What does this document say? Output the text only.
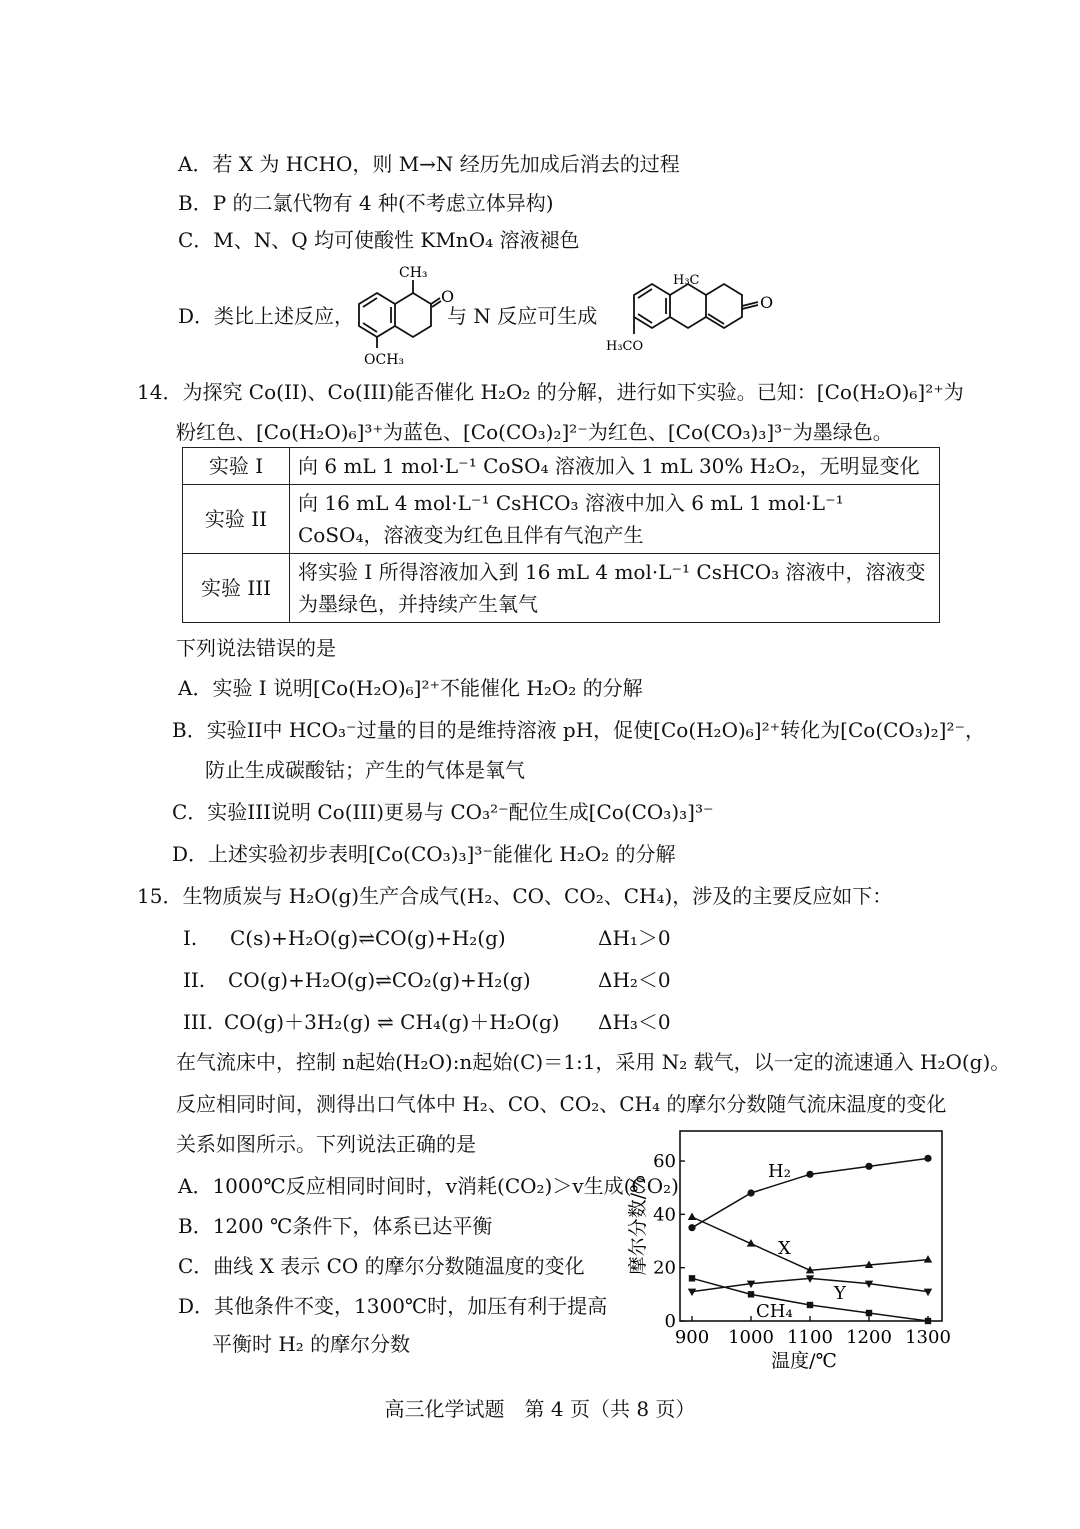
A．若 X 为 HCHO，则 M→N 经历先加成后消去的过程
B．P 的二氯代物有 4 种(不考虑立体异构)
C．M、N、Q 均可使酸性 KMnO₄ 溶液褪色
D．类比上述反应，	与 N 反应可生成
CH₃
O
OCH₃
H₃C
O
H₃CO
14．为探究 Co(II)、Co(III)能否催化 H₂O₂ 的分解，进行如下实验。已知：[Co(H₂O)₆]²⁺为
粉红色、[Co(H₂O)₆]³⁺为蓝色、[Co(CO₃)₂]²⁻为红色、[Co(CO₃)₃]³⁻为墨绿色。
实验 I	向 6 mL 1 mol·L⁻¹ CoSO₄ 溶液加入 1 mL 30% H₂O₂，无明显变化
实验 II	向 16 mL 4 mol·L⁻¹ CsHCO₃ 溶液中加入 6 mL 1 mol·L⁻¹ CoSO₄，溶液变为红色且伴有气泡产生
实验 III	将实验 I 所得溶液加入到 16 mL 4 mol·L⁻¹ CsHCO₃ 溶液中，溶液变为墨绿色，并持续产生氧气
下列说法错误的是
A．实验 I 说明[Co(H₂O)₆]²⁺不能催化 H₂O₂ 的分解
B．实验II中 HCO₃⁻过量的目的是维持溶液 pH，促使[Co(H₂O)₆]²⁺转化为[Co(CO₃)₂]²⁻，
防止生成碳酸钴；产生的气体是氧气
C．实验III说明 Co(III)更易与 CO₃²⁻配位生成[Co(CO₃)₃]³⁻
D．上述实验初步表明[Co(CO₃)₃]³⁻能催化 H₂O₂ 的分解
15．生物质炭与 H₂O(g)生产合成气(H₂、CO、CO₂、CH₄)，涉及的主要反应如下：
I. C(s)+H₂O(g)⇌CO(g)+H₂(g)	ΔH₁＞0
II. CO(g)+H₂O(g)⇌CO₂(g)+H₂(g)	ΔH₂＜0
III. CO(g)＋3H₂(g) ⇌ CH₄(g)＋H₂O(g) ΔH₃＜0
在气流床中，控制 n起始(H₂O):n起始(C)＝1:1，采用 N₂ 载气，以一定的流速通入 H₂O(g)。
反应相同时间，测得出口气体中 H₂、CO、CO₂、CH₄ 的摩尔分数随气流床温度的变化
关系如图所示。下列说法正确的是
A．1000℃反应相同时间时，v消耗(CO₂)＞v生成(CO₂)
B．1200 ℃条件下，体系已达平衡
C．曲线 X 表示 CO 的摩尔分数随温度的变化
D．其他条件不变，1300℃时，加压有利于提高
平衡时 H₂ 的摩尔分数	900 1000 1100 1200 1300
0
20
40
60
摩尔分数/%
温度/℃
H₂
X
Y
CH₄
高三化学试题　第 4 页（共 8 页）
